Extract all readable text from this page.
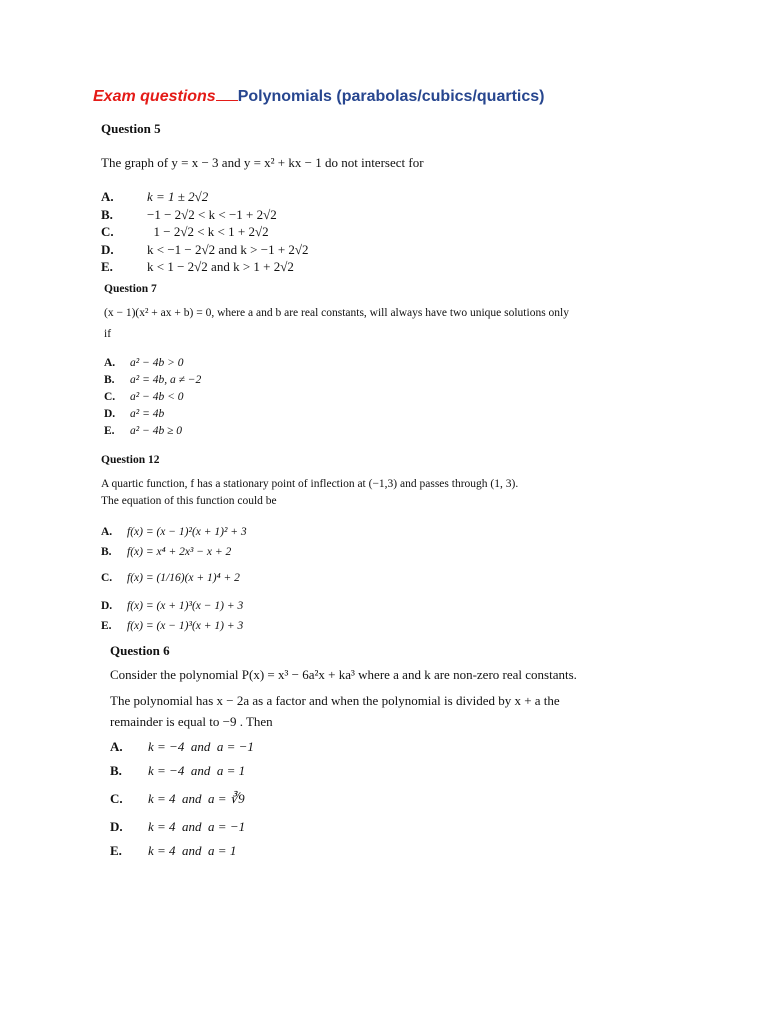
Exam questions Polynomials (parabolas/cubics/quartics)
Question 5
The graph of y = x − 3 and y = x² + kx − 1 do not intersect for
A.	k = 1 ± 2√2
B.	−1 − 2√2 < k < −1 + 2√2
C.	1 − 2√2 < k < 1 + 2√2
D.	k < −1 − 2√2 and k > −1 + 2√2
E.	k < 1 − 2√2 and k > 1 + 2√2
Question 7
(x − 1)(x² + ax + b) = 0, where a and b are real constants, will always have two unique solutions only
if
A. a² − 4b > 0
B. a² = 4b, a ≠ −2
C. a² − 4b < 0
D. a² = 4b
E. a² − 4b ≥ 0
Question 12
A quartic function, f has a stationary point of inflection at (−1,3) and passes through (1, 3).
The equation of this function could be
A. f(x) = (x − 1)²(x + 1)² + 3
B. f(x) = x⁴ + 2x³ − x + 2
C. f(x) = (1/16)(x + 1)⁴ + 2
D. f(x) = (x + 1)³(x − 1) + 3
E. f(x) = (x − 1)³(x + 1) + 3
Question 6
Consider the polynomial P(x) = x³ − 6a²x + ka³ where a and k are non-zero real constants.
The polynomial has x − 2a as a factor and when the polynomial is divided by x + a the
remainder is equal to −9 . Then
A. k = −4  and  a = −1
B. k = −4  and  a = 1
C. k = 4  and  a = ∛9
D. k = 4  and  a = −1
E. k = 4  and  a = 1
